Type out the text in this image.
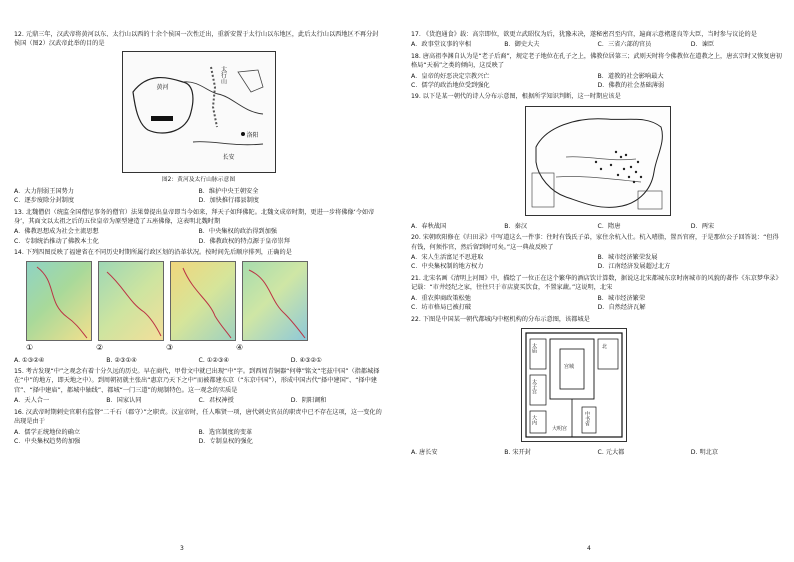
12. 元鼎三年，汉武帝将黄河以东、太行山以西的十余个侯国一次性迁出，重新安置于太行山以东地区，此后太行山以西地区不再分封侯国（图2）汉武帝此举的目的是

太行山
黄河
长安
洛阳

图2：黄河及太行山脉示意图

A．大力削弱王国势力	B．维护中央王朝安全
C．逐步废除分封制度	D．加快推行郡县制度

13. 北魏僧侣（统监全国僧尼事务的僧官）法果曾提出皇帝即当今如来，拜天子如拜佛陀。北魏文成帝时期，更进一步将佛像‘令如帝身’，其面文以太祖之后的五位皇帝为原型建造了五座佛像，这表明北魏时期

A．佛教思想成为社会主流思想	B．中央集权的政治得到加强
C．专制统治推动了佛教本土化	D．佛教政权的特点源于皇帝崇拜

14. 下列四图反映了福建省在不同历史时期所属行政区划的沿革状况。按时间先后顺序排列，正确的是

①	②	③	④
A. ①③②④	B. ②③①④	C. ①②③④	D. ④③②①

15. 考古发现“中”之观念有着十分久远的历史。早在商代，甲骨文中就已出现“中”字。到西周青铜器“何尊”铭文“宅兹中国”（指都城择在“中”的地方，即天地之中）。到周朝初就主张出“惠京乃天下之中”而被都建东京（“东京中国”），形成中国古代“择中建国”、“择中建宫”、“择中建庙”，都城中轴线”、都城“一门三道”的规制特色。这一观念的实质是

A．天人合一	B．国家认同	C．君权神授	D．阴阳调和

16. 汉武帝时期刺史官职有监督“二千石（郡守）”之职责。汉宣帝时，任人唯贤一项，唐代刺史官员的职责中已不存在这项，这一变化的出现是由于

A．儒学正统地位的确立	B．选官制度的变革
C．中央集权趋势的加强	D．专制皇权的强化
3

17. 《货泡通食》载：高宗即位，欲更立武昭仪为后，犹豫未决，遂秘密召至内宫，遍商示意褚遂良等大臣，当时参与议论的是

A．政事堂议事的宰相	B．御史大夫	C．三省六部的官员	D．谏臣

18. 唐高祖李渊自认为是“老子后裔”，规定老子地位在孔子之上，佛教位居第三；武则天时将令佛教位在道教之上，唐玄宗时又恢复唐初格局“天祸”之类的倾向，这反映了

A．皇帝的好恶决定宗教兴亡	B．道教的社会影响最大
C．儒学的政治地位受到强化	D．佛教的社会基础薄弱

19. 以下是某一朝代的诗人分布示意图，根据所学知识判断，这一时期应该是

A．春秋战国	B．秦汉	C．隋唐	D．两宋

20. 宋朝欧阳修在《归田录》中写道这么一件事：往时有钱氏子弟，家住余杭入仕。杭入嗜脂，置吾官府，于是那位公子回答说：“但得有钱，何须作官，然后留到时可矣。”这一典故反映了

A．宋人生活富足不思进取	B．城市经济繁荣发展
C．中央集权制的地方权力	D．江南经济发展超过北方

21. 北宋名画《清明上河图》中，描绘了一位正在这个繁华的酒店饮计算数，据说这北宋都城东京时南城市的风貌的著作《东京梦华录》记载：“市井经纪之家，往往只于市店旋买饮食，不置家蔬。”这说明，北宋

A．重农抑商政策松弛	B．城市经济繁荣
C．坊市格局已被打破	D．自然经济瓦解

22. 下图是中国某一朝代都城内中枢机构的分布示意图，该都城是

太庙
太子宫
大内
宫城
北
中书省
大明宫
A. 唐长安	B. 宋开封	C. 元大都	D. 明北京
4
